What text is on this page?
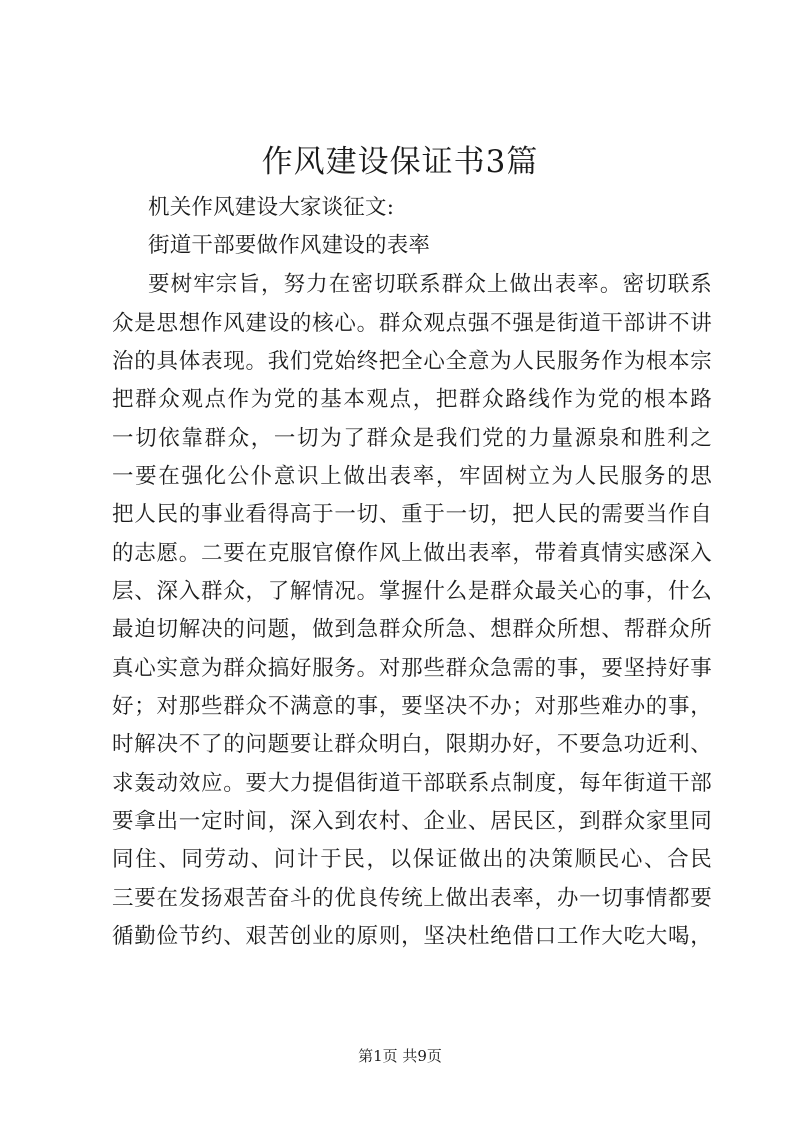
作风建设保证书3篇

机关作风建设大家谈征文:

街道干部要做作风建设的表率

要树牢宗旨，努力在密切联系群众上做出表率。密切联系

众是思想作风建设的核心。群众观点强不强是街道干部讲不讲

治的具体表现。我们党始终把全心全意为人民服务作为根本宗

把群众观点作为党的基本观点，把群众路线作为党的根本路

一切依靠群众，一切为了群众是我们党的力量源泉和胜利之

一要在强化公仆意识上做出表率，牢固树立为人民服务的思

把人民的事业看得高于一切、重于一切，把人民的需要当作自

的志愿。二要在克服官僚作风上做出表率，带着真情实感深入

层、深入群众，了解情况。掌握什么是群众最关心的事，什么

最迫切解决的问题，做到急群众所急、想群众所想、帮群众所

真心实意为群众搞好服务。对那些群众急需的事，要坚持好事

好；对那些群众不满意的事，要坚决不办；对那些难办的事，

时解决不了的问题要让群众明白，限期办好，不要急功近利、

求轰动效应。要大力提倡街道干部联系点制度，每年街道干部

要拿出一定时间，深入到农村、企业、居民区，到群众家里同

同住、同劳动、问计于民，以保证做出的决策顺民心、合民

三要在发扬艰苦奋斗的优良传统上做出表率，办一切事情都要

循勤俭节约、艰苦创业的原则，坚决杜绝借口工作大吃大喝，

第1页 共9页
